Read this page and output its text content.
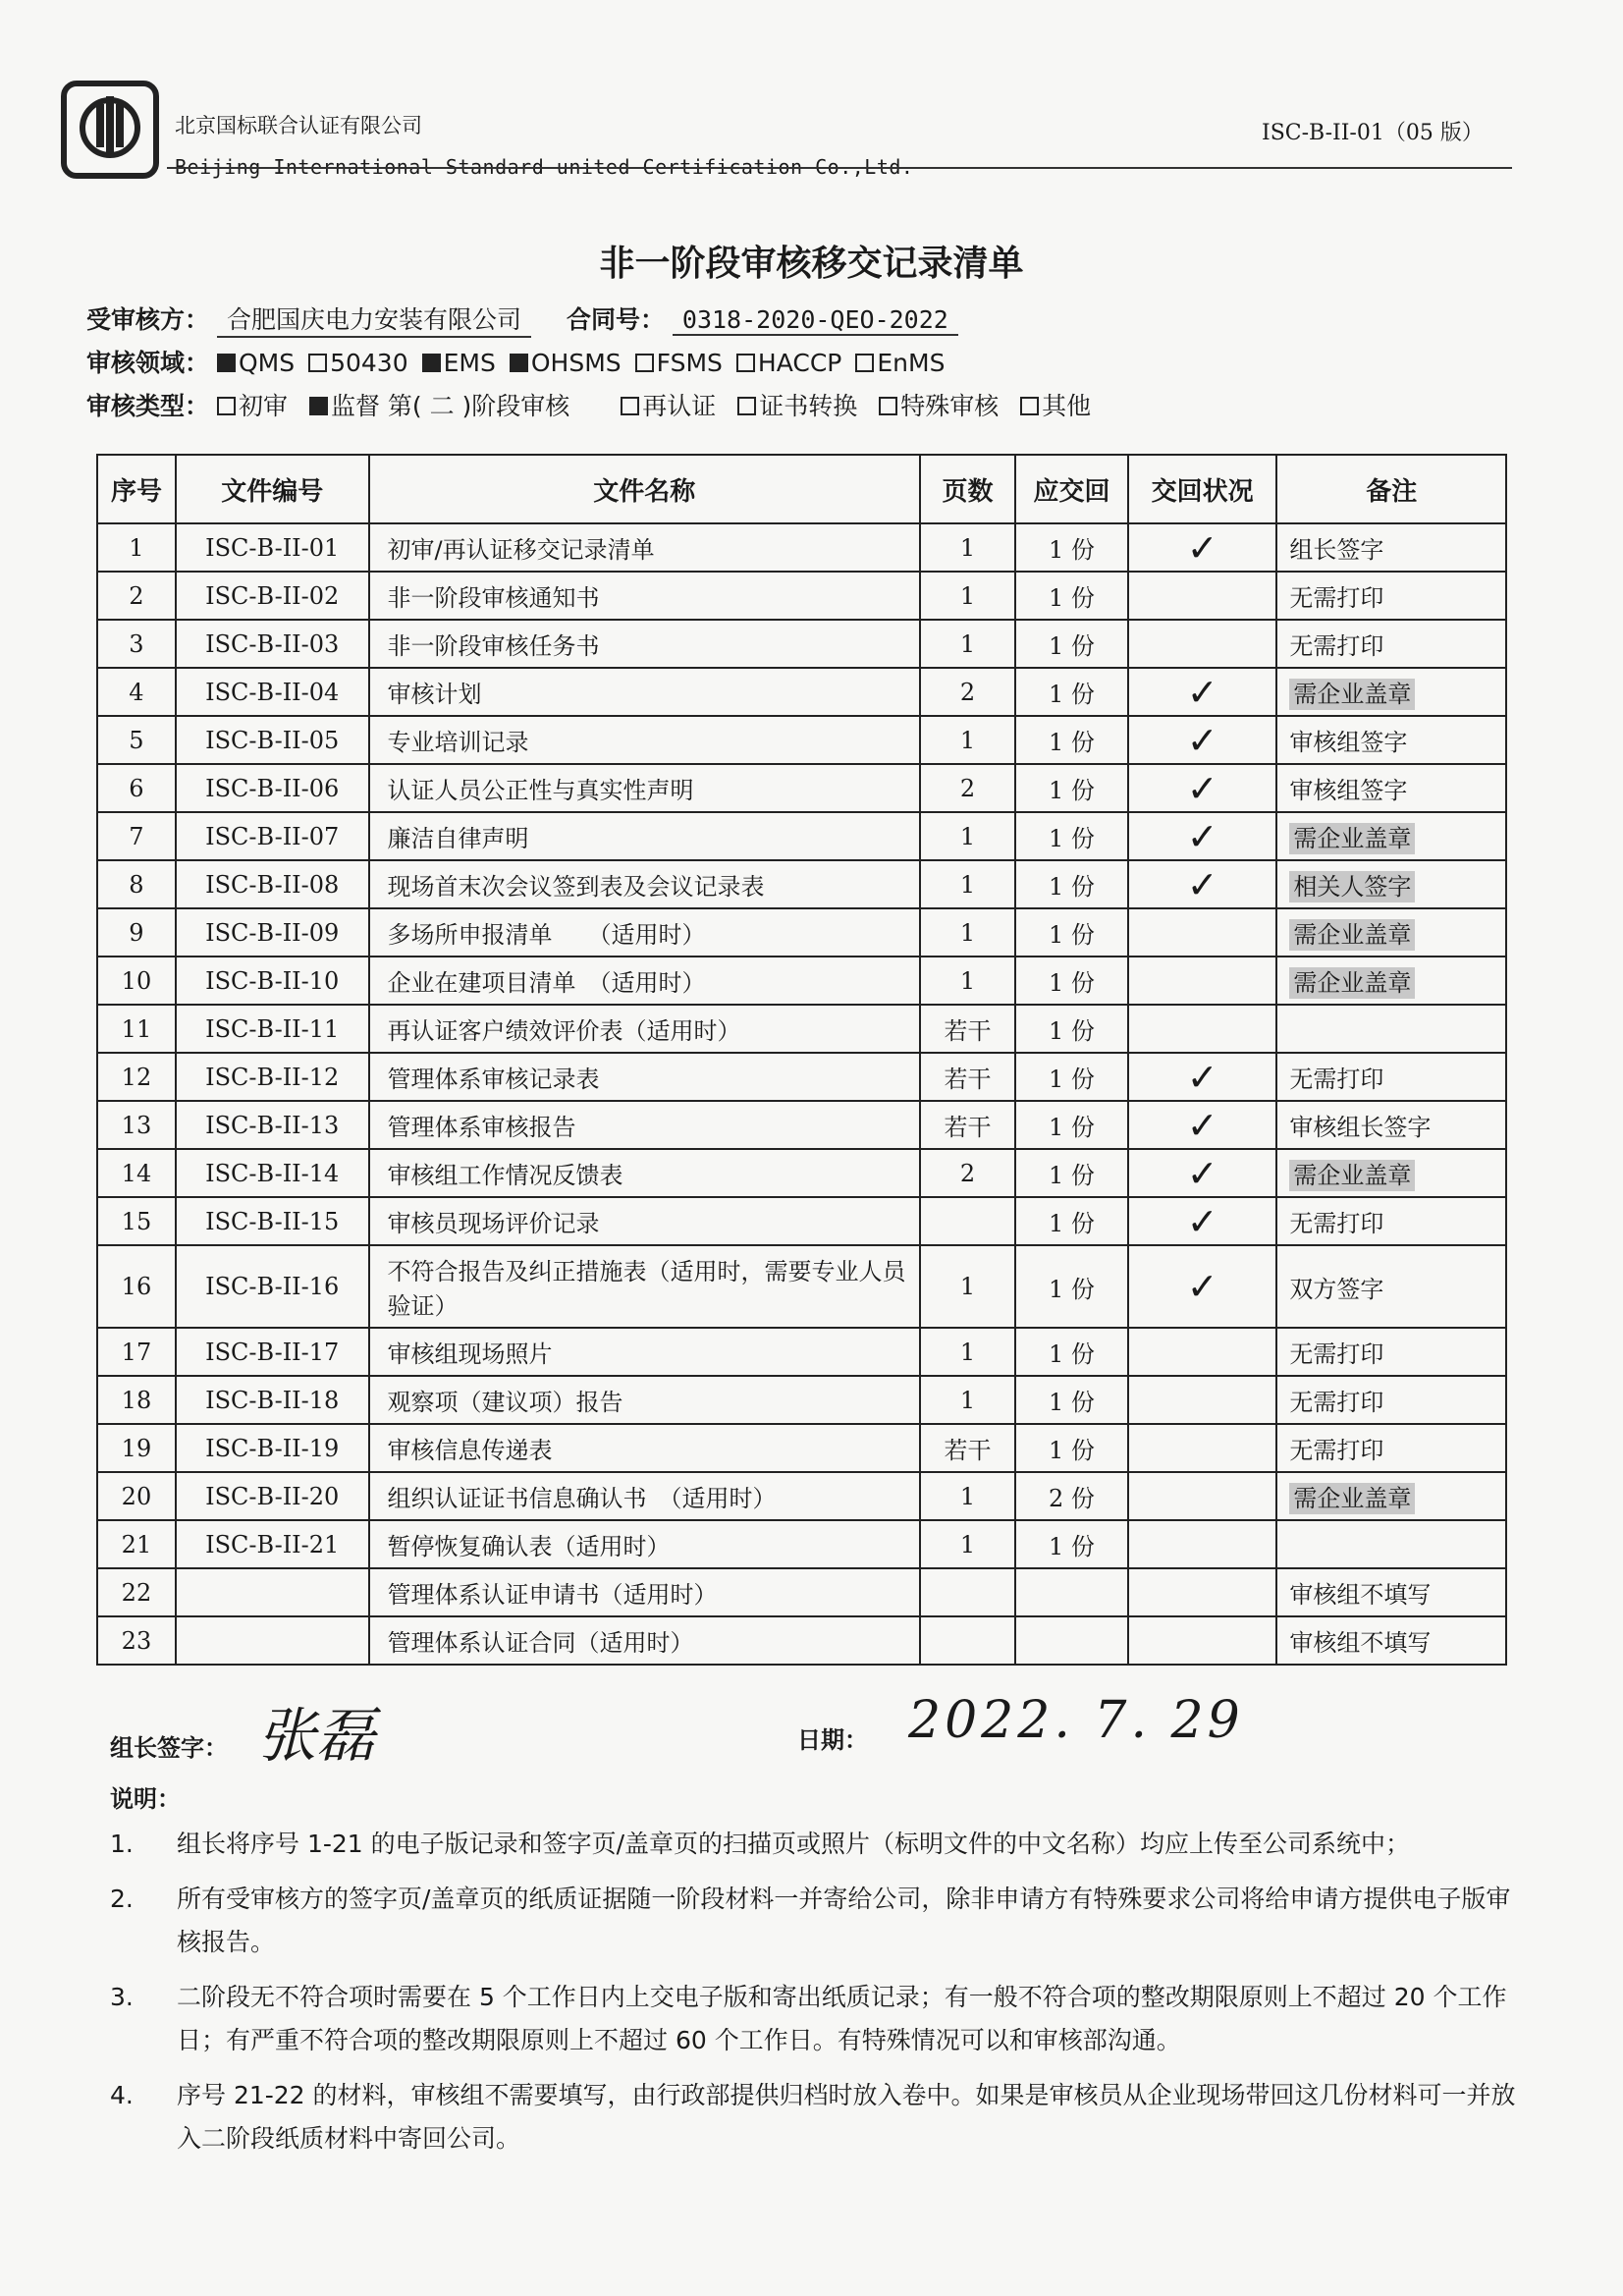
北京国标联合认证有限公司
Beijing International Standard united Certification Co.,Ltd.
ISC-B-II-01（05 版）
非一阶段审核移交记录清单
受审核方： 合肥国庆电力安装有限公司 合同号： 0318-2020-QEO-2022
审核领域： QMS 50430 EMS OHSMS FSMS HACCP EnMS
审核类型： 初审 监督 第( 二 )阶段审核	再认证 证书转换 特殊审核 其他
序号	文件编号	文件名称	页数	应交回	交回状况	备注
1	ISC-B-II-01	初审/再认证移交记录清单	1	1 份	✓	组长签字
2	ISC-B-II-02	非一阶段审核通知书	1	1 份		无需打印
3	ISC-B-II-03	非一阶段审核任务书	1	1 份		无需打印
4	ISC-B-II-04	审核计划	2	1 份	✓	需企业盖章
5	ISC-B-II-05	专业培训记录	1	1 份	✓	审核组签字
6	ISC-B-II-06	认证人员公正性与真实性声明	2	1 份	✓	审核组签字
7	ISC-B-II-07	廉洁自律声明	1	1 份	✓	需企业盖章
8	ISC-B-II-08	现场首末次会议签到表及会议记录表	1	1 份	✓	相关人签字
9	ISC-B-II-09	多场所申报清单　　（适用时）	1	1 份		需企业盖章
10	ISC-B-II-10	企业在建项目清单　（适用时）	1	1 份		需企业盖章
11	ISC-B-II-11	再认证客户绩效评价表（适用时）	若干	1 份		
12	ISC-B-II-12	管理体系审核记录表	若干	1 份	✓	无需打印
13	ISC-B-II-13	管理体系审核报告	若干	1 份	✓	审核组长签字
14	ISC-B-II-14	审核组工作情况反馈表	2	1 份	✓	需企业盖章
15	ISC-B-II-15	审核员现场评价记录		1 份	✓	无需打印
16	ISC-B-II-16	不符合报告及纠正措施表（适用时，需要专业人员验证）	1	1 份	✓	双方签字
17	ISC-B-II-17	审核组现场照片	1	1 份		无需打印
18	ISC-B-II-18	观察项（建议项）报告	1	1 份		无需打印
19	ISC-B-II-19	审核信息传递表	若干	1 份		无需打印
20	ISC-B-II-20	组织认证证书信息确认书　（适用时）	1	2 份		需企业盖章
21	ISC-B-II-21	暂停恢复确认表（适用时）	1	1 份		
22		管理体系认证申请书（适用时）				审核组不填写
23		管理体系认证合同（适用时）				审核组不填写
组长签字： 张磊	日期： 2022. 7. 29
说明：
1.	组长将序号 1-21 的电子版记录和签字页/盖章页的扫描页或照片（标明文件的中文名称）均应上传至公司系统中；
2.	所有受审核方的签字页/盖章页的纸质证据随一阶段材料一并寄给公司，除非申请方有特殊要求公司将给申请方提供电子版审核报告。
3.	二阶段无不符合项时需要在 5 个工作日内上交电子版和寄出纸质记录；有一般不符合项的整改期限原则上不超过 20 个工作日；有严重不符合项的整改期限原则上不超过 60 个工作日。有特殊情况可以和审核部沟通。
4.	序号 21-22 的材料，审核组不需要填写，由行政部提供归档时放入卷中。如果是审核员从企业现场带回这几份材料可一并放入二阶段纸质材料中寄回公司。
